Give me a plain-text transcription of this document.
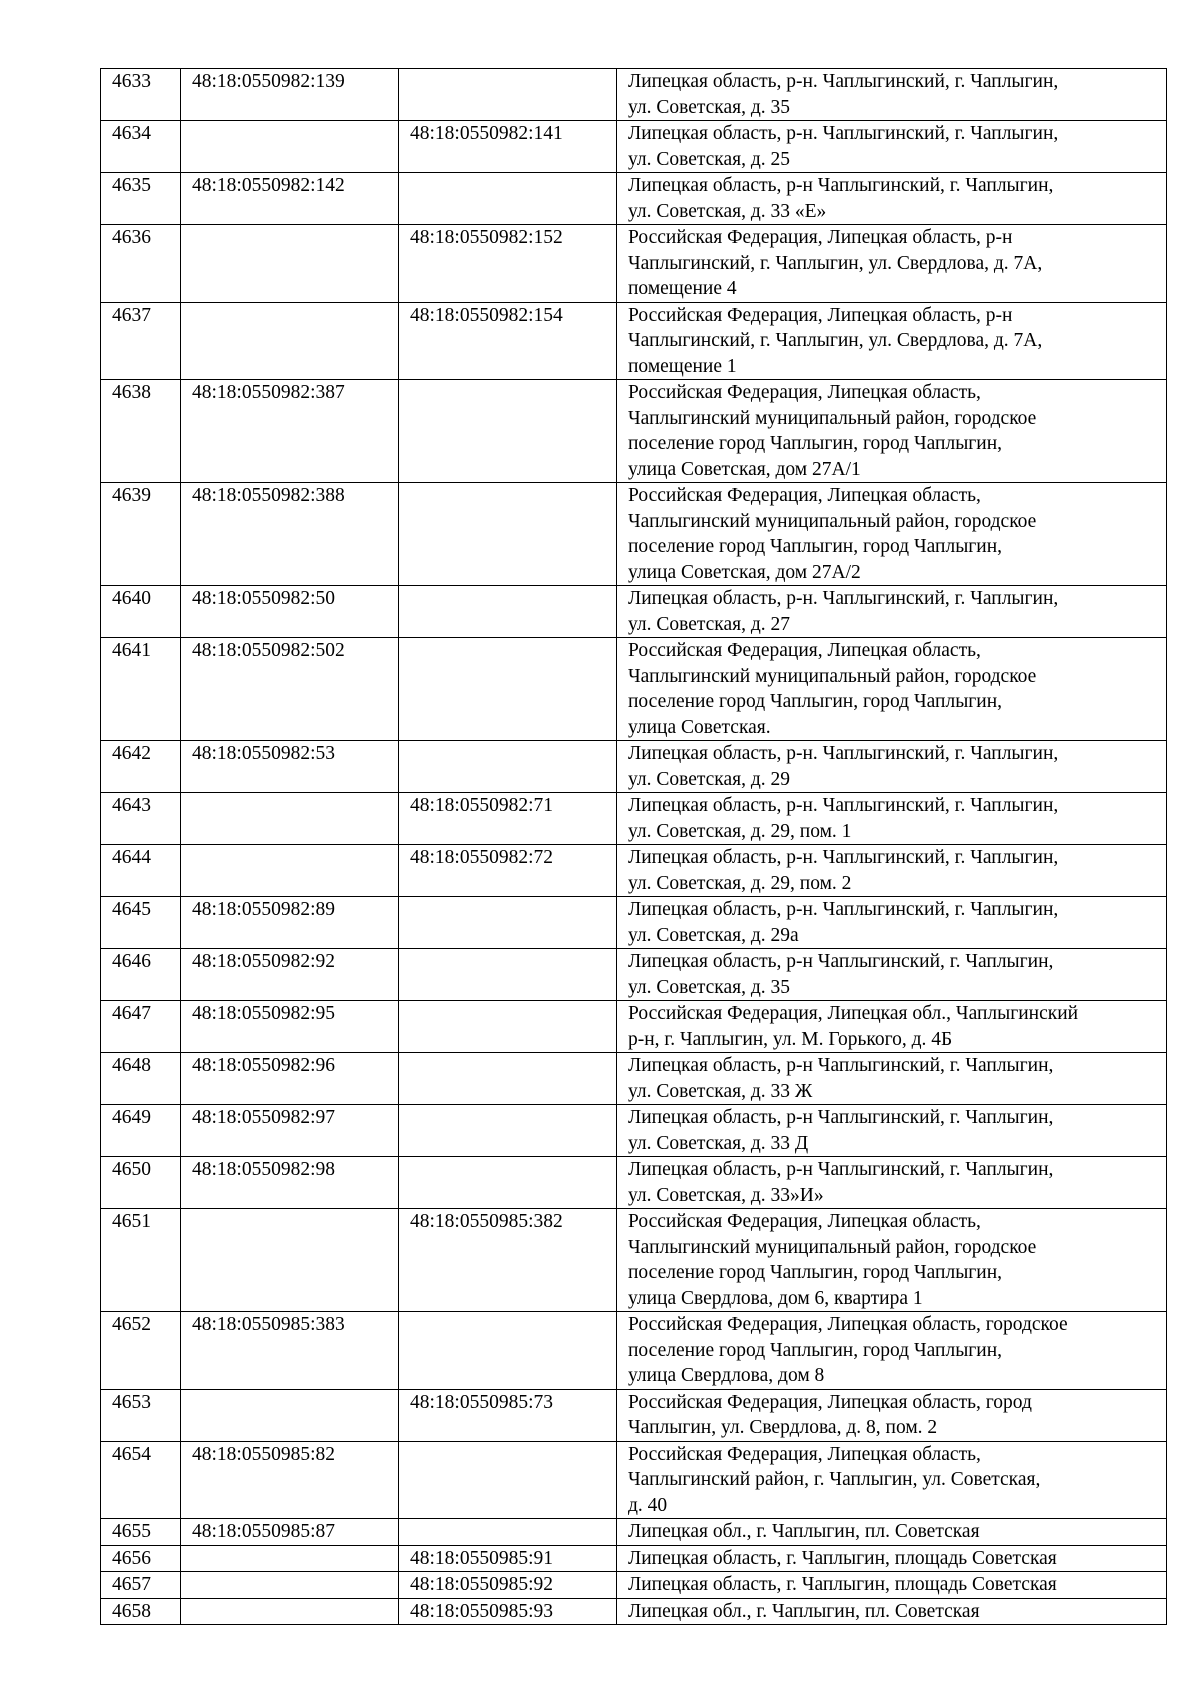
4633	48:18:0550982:139		Липецкая область, р-н. Чаплыгинский, г. Чаплыгин,
ул. Советская, д. 35
4634		48:18:0550982:141	Липецкая область, р-н. Чаплыгинский, г. Чаплыгин,
ул. Советская, д. 25
4635	48:18:0550982:142		Липецкая область, р-н Чаплыгинский, г. Чаплыгин,
ул. Советская, д. 33 «Е»
4636		48:18:0550982:152	Российская Федерация, Липецкая область, р-н
Чаплыгинский, г. Чаплыгин, ул. Свердлова, д. 7А,
помещение 4
4637		48:18:0550982:154	Российская Федерация, Липецкая область, р-н
Чаплыгинский, г. Чаплыгин, ул. Свердлова, д. 7А,
помещение 1
4638	48:18:0550982:387		Российская Федерация, Липецкая область,
Чаплыгинский муниципальный район, городское
поселение город Чаплыгин, город Чаплыгин,
улица Советская, дом 27А/1
4639	48:18:0550982:388		Российская Федерация, Липецкая область,
Чаплыгинский муниципальный район, городское
поселение город Чаплыгин, город Чаплыгин,
улица Советская, дом 27А/2
4640	48:18:0550982:50		Липецкая область, р-н. Чаплыгинский, г. Чаплыгин,
ул. Советская, д. 27
4641	48:18:0550982:502		Российская Федерация, Липецкая область,
Чаплыгинский муниципальный район, городское
поселение город Чаплыгин, город Чаплыгин,
улица Советская.
4642	48:18:0550982:53		Липецкая область, р-н. Чаплыгинский, г. Чаплыгин,
ул. Советская, д. 29
4643		48:18:0550982:71	Липецкая область, р-н. Чаплыгинский, г. Чаплыгин,
ул. Советская, д. 29, пом. 1
4644		48:18:0550982:72	Липецкая область, р-н. Чаплыгинский, г. Чаплыгин,
ул. Советская, д. 29, пом. 2
4645	48:18:0550982:89		Липецкая область, р-н. Чаплыгинский, г. Чаплыгин,
ул. Советская, д. 29а
4646	48:18:0550982:92		Липецкая область, р-н Чаплыгинский, г. Чаплыгин,
ул. Советская, д. 35
4647	48:18:0550982:95		Российская Федерация, Липецкая обл., Чаплыгинский
р-н, г. Чаплыгин, ул. М. Горького, д. 4Б
4648	48:18:0550982:96		Липецкая область, р-н Чаплыгинский, г. Чаплыгин,
ул. Советская, д. 33 Ж
4649	48:18:0550982:97		Липецкая область, р-н Чаплыгинский, г. Чаплыгин,
ул. Советская, д. 33 Д
4650	48:18:0550982:98		Липецкая область, р-н Чаплыгинский, г. Чаплыгин,
ул. Советская, д. 33»И»
4651		48:18:0550985:382	Российская Федерация, Липецкая область,
Чаплыгинский муниципальный район, городское
поселение город Чаплыгин, город Чаплыгин,
улица Свердлова, дом 6, квартира 1
4652	48:18:0550985:383		Российская Федерация, Липецкая область, городское
поселение город Чаплыгин, город Чаплыгин,
улица Свердлова, дом 8
4653		48:18:0550985:73	Российская Федерация, Липецкая область, город
Чаплыгин, ул. Свердлова, д. 8, пом. 2
4654	48:18:0550985:82		Российская Федерация, Липецкая область,
Чаплыгинский район, г. Чаплыгин, ул. Советская,
д. 40
4655	48:18:0550985:87		Липецкая обл., г. Чаплыгин, пл. Советская
4656		48:18:0550985:91	Липецкая область, г. Чаплыгин, площадь Советская
4657		48:18:0550985:92	Липецкая область, г. Чаплыгин, площадь Советская
4658		48:18:0550985:93	Липецкая обл., г. Чаплыгин, пл. Советская
